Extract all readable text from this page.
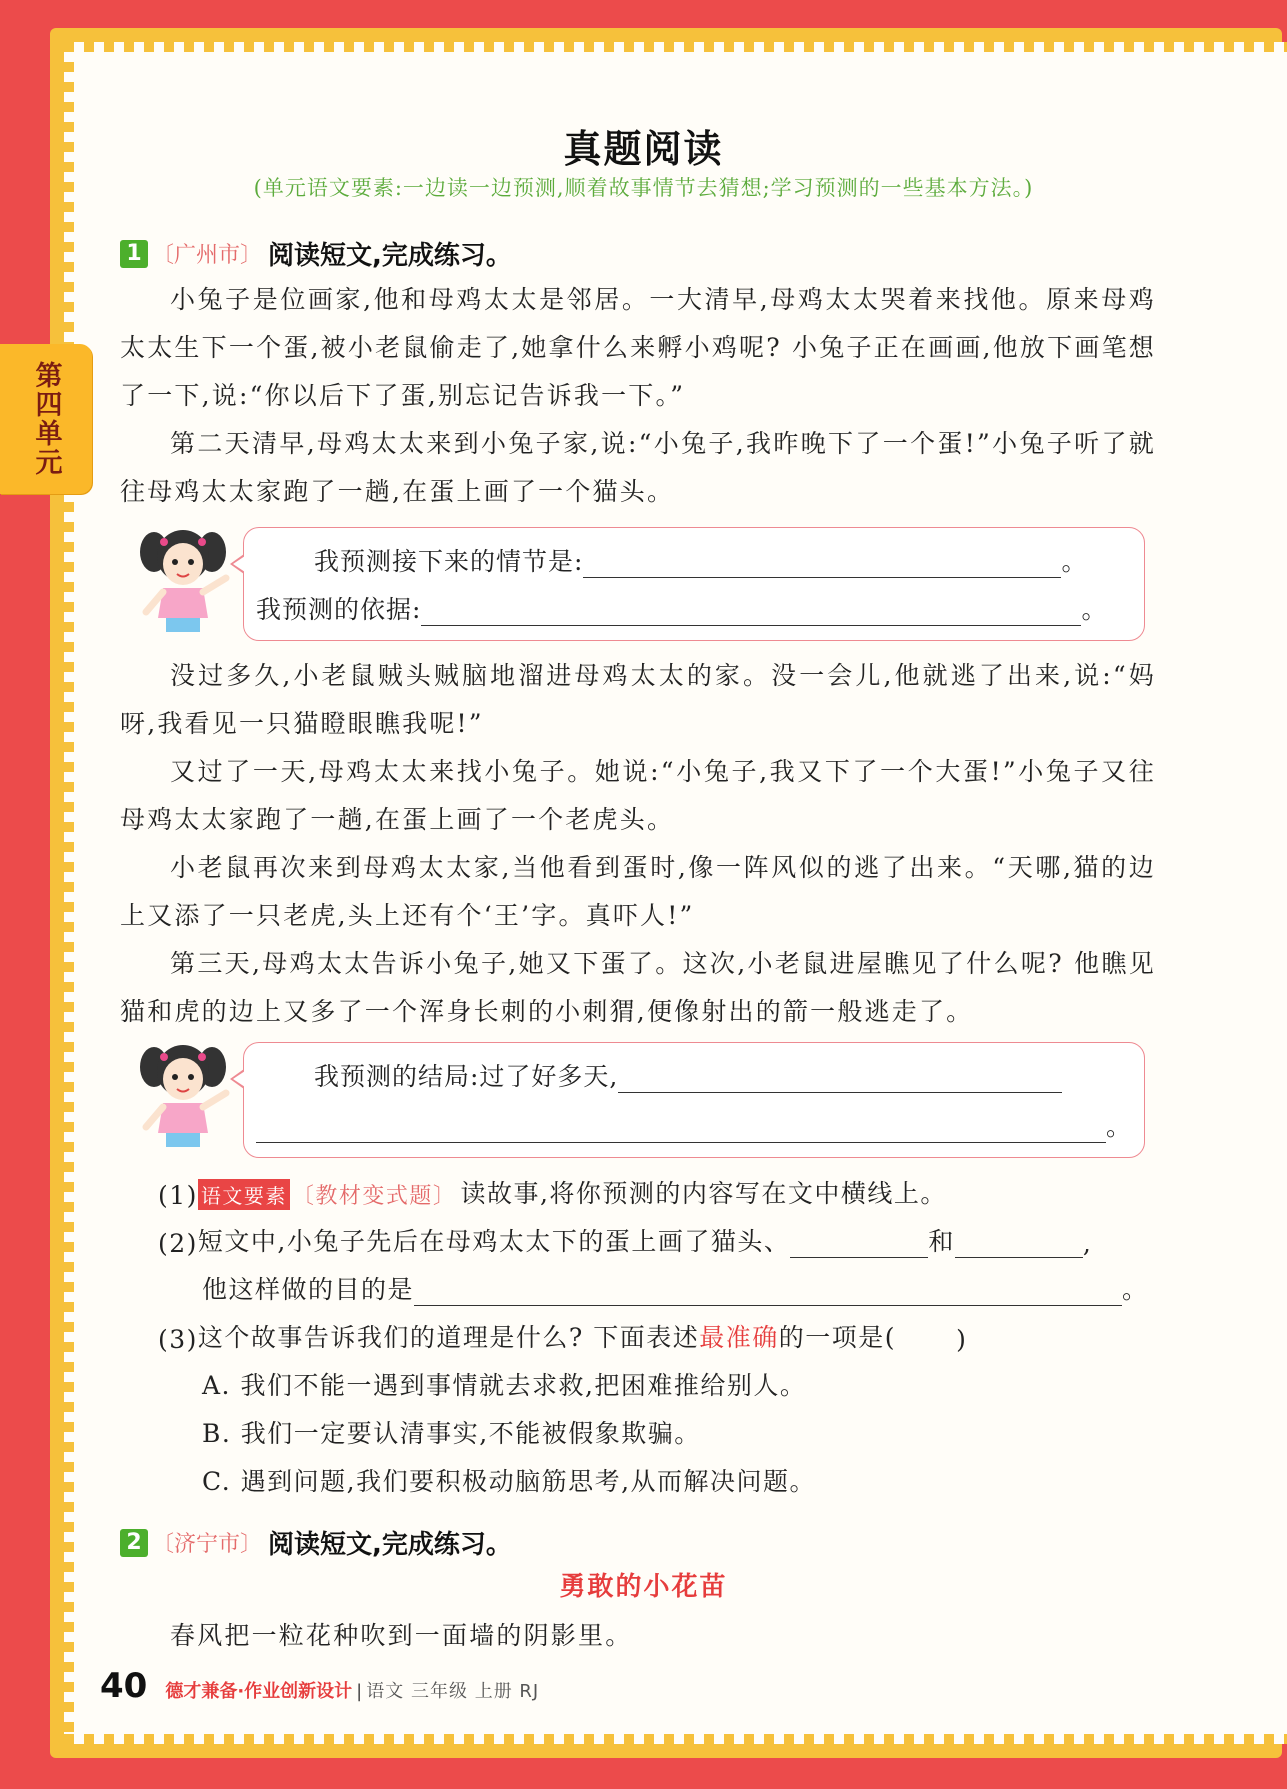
第四单元
真题阅读
(单元语文要素:一边读一边预测,顺着故事情节去猜想;学习预测的一些基本方法。)
1 〔广州市〕 阅读短文,完成练习。

小兔子是位画家,他和母鸡太太是邻居。一大清早,母鸡太太哭着来找他。原来母鸡太太生下一个蛋,被小老鼠偷走了,她拿什么来孵小鸡呢? 小兔子正在画画,他放下画笔想了一下,说:“你以后下了蛋,别忘记告诉我一下。”

第二天清早,母鸡太太来到小兔子家,说:“小兔子,我昨晚下了一个蛋!”小兔子听了就往母鸡太太家跑了一趟,在蛋上画了一个猫头。

我预测接下来的情节是:	。
我预测的依据:	。

没过多久,小老鼠贼头贼脑地溜进母鸡太太的家。没一会儿,他就逃了出来,说:“妈呀,我看见一只猫瞪眼瞧我呢!”

又过了一天,母鸡太太来找小兔子。她说:“小兔子,我又下了一个大蛋!”小兔子又往母鸡太太家跑了一趟,在蛋上画了一个老虎头。

小老鼠再次来到母鸡太太家,当他看到蛋时,像一阵风似的逃了出来。“天哪,猫的边上又添了一只老虎,头上还有个‘王’字。真吓人!”

第三天,母鸡太太告诉小兔子,她又下蛋了。这次,小老鼠进屋瞧见了什么呢? 他瞧见猫和虎的边上又多了一个浑身长刺的小刺猬,便像射出的箭一般逃走了。

我预测的结局:过了好多天,
。
(1) 语文要素 〔教材变式题〕 读故事,将你预测的内容写在文中横线上。
(2) 短文中,小兔子先后在母鸡太太下的蛋上画了猫头、	和	,
他这样做的目的是	。
(3) 这个故事告诉我们的道理是什么? 下面表述 最准确 的一项是( )
A. 我们不能一遇到事情就去求救,把困难推给别人。
B. 我们一定要认清事实,不能被假象欺骗。
C. 遇到问题,我们要积极动脑筋思考,从而解决问题。
2 〔济宁市〕 阅读短文,完成练习。
勇敢的小花苗

春风把一粒花种吹到一面墙的阴影里。

40 德才兼备·作业创新设计 | 语文 三年级 上册 RJ
